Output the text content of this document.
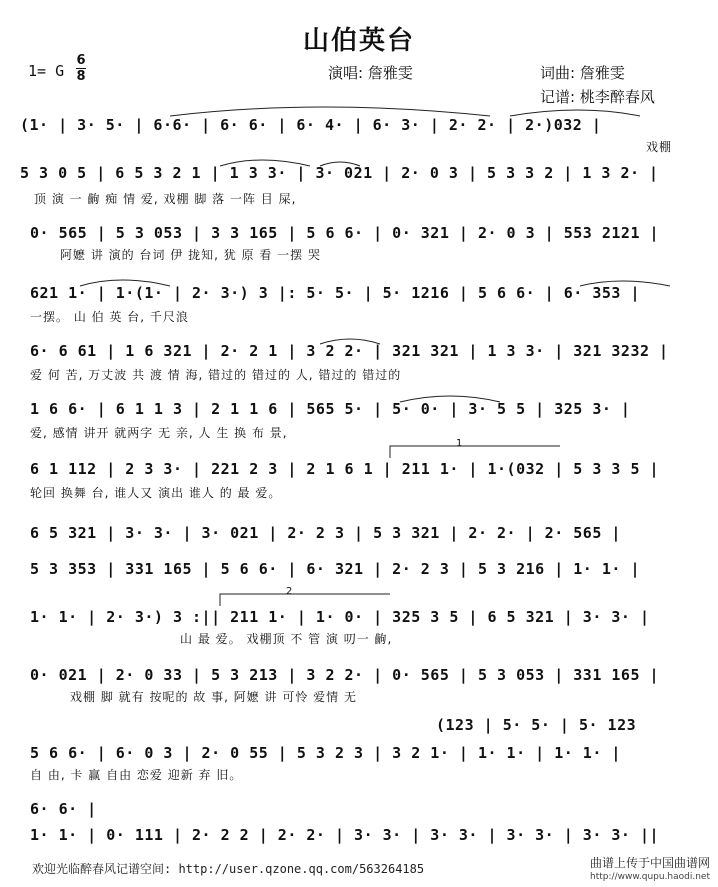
山伯英台
1= G
6
8	演唱: 詹雅雯	词曲: 詹雅雯
记谱: 桃李醉春风
(1· | 3· 5· | 6·6· | 6· 6· | 6· 4· | 6· 3· | 2· 2· | 2·)032 |
戏棚
5 3 0 5 | 6 5 3 2 1 | 1 3 3· | 3· 021 | 2· 0 3 | 5 3 3 2 | 1 3 2· |
顶 演 一 齣 痴 情 爱, 戏棚 脚 落 一阵 目 屎,
0· 565 | 5 3 053 | 3 3 165 | 5 6 6· | 0· 321 | 2· 0 3 | 553 2121 |
阿嬷 讲 演的 台词 伊 拢知, 犹 原 看 一摆 哭
621 1· | 1·(1· | 2· 3·) 3 |: 5· 5· | 5· 1216 | 5 6 6· | 6· 353 |
一摆。 山 伯 英 台, 千尺浪
6· 6 61 | 1 6 321 | 2· 2 1 | 3 2 2· | 321 321 | 1 3 3· | 321 3232 |
爱 何 苦, 万丈波 共 渡 情 海, 错过的 错过的 人, 错过的 错过的
1 6 6· | 6 1 1 3 | 2 1 1 6 | 565 5· | 5· 0· | 3· 5 5 | 325 3· |
爱, 感情 讲开 就两字 无 亲, 人 生 换 布 景,
1
6 1 112 | 2 3 3· | 221 2 3 | 2 1 6 1 | 211 1· | 1·(032 | 5 3 3 5 |
轮回 换舞 台, 谁人又 演出 谁人 的 最 爱。
6 5 321 | 3· 3· | 3· 021 | 2· 2 3 | 5 3 321 | 2· 2· | 2· 565 |
5 3 353 | 331 165 | 5 6 6· | 6· 321 | 2· 2 3 | 5 3 216 | 1· 1· |
2
1· 1· | 2· 3·) 3 :|| 211 1· | 1· 0· | 325 3 5 | 6 5 321 | 3· 3· |
山 最 爱。 戏棚顶 不 管 演 叨一 齣,
0· 021 | 2· 0 33 | 5 3 213 | 3 2 2· | 0· 565 | 5 3 053 | 331 165 |
戏棚 脚 就有 按呢的 故 事, 阿嬷 讲 可怜 爱情 无
(123 | 5· 5· | 5· 123
5 6 6· | 6· 0 3 | 2· 0 55 | 5 3 2 3 | 3 2 1· | 1· 1· | 1· 1· |
自 由, 卡 赢 自由 恋爱 迎新 弃 旧。
6· 6· |
1· 1· | 0· 111 | 2· 2 2 | 2· 2· | 3· 3· | 3· 3· | 3· 3· | 3· 3· ||
欢迎光临醉春风记谱空间: http://user.qzone.qq.com/563264185	曲谱上传于中国曲谱网
http://www.qupu.haodi.net
